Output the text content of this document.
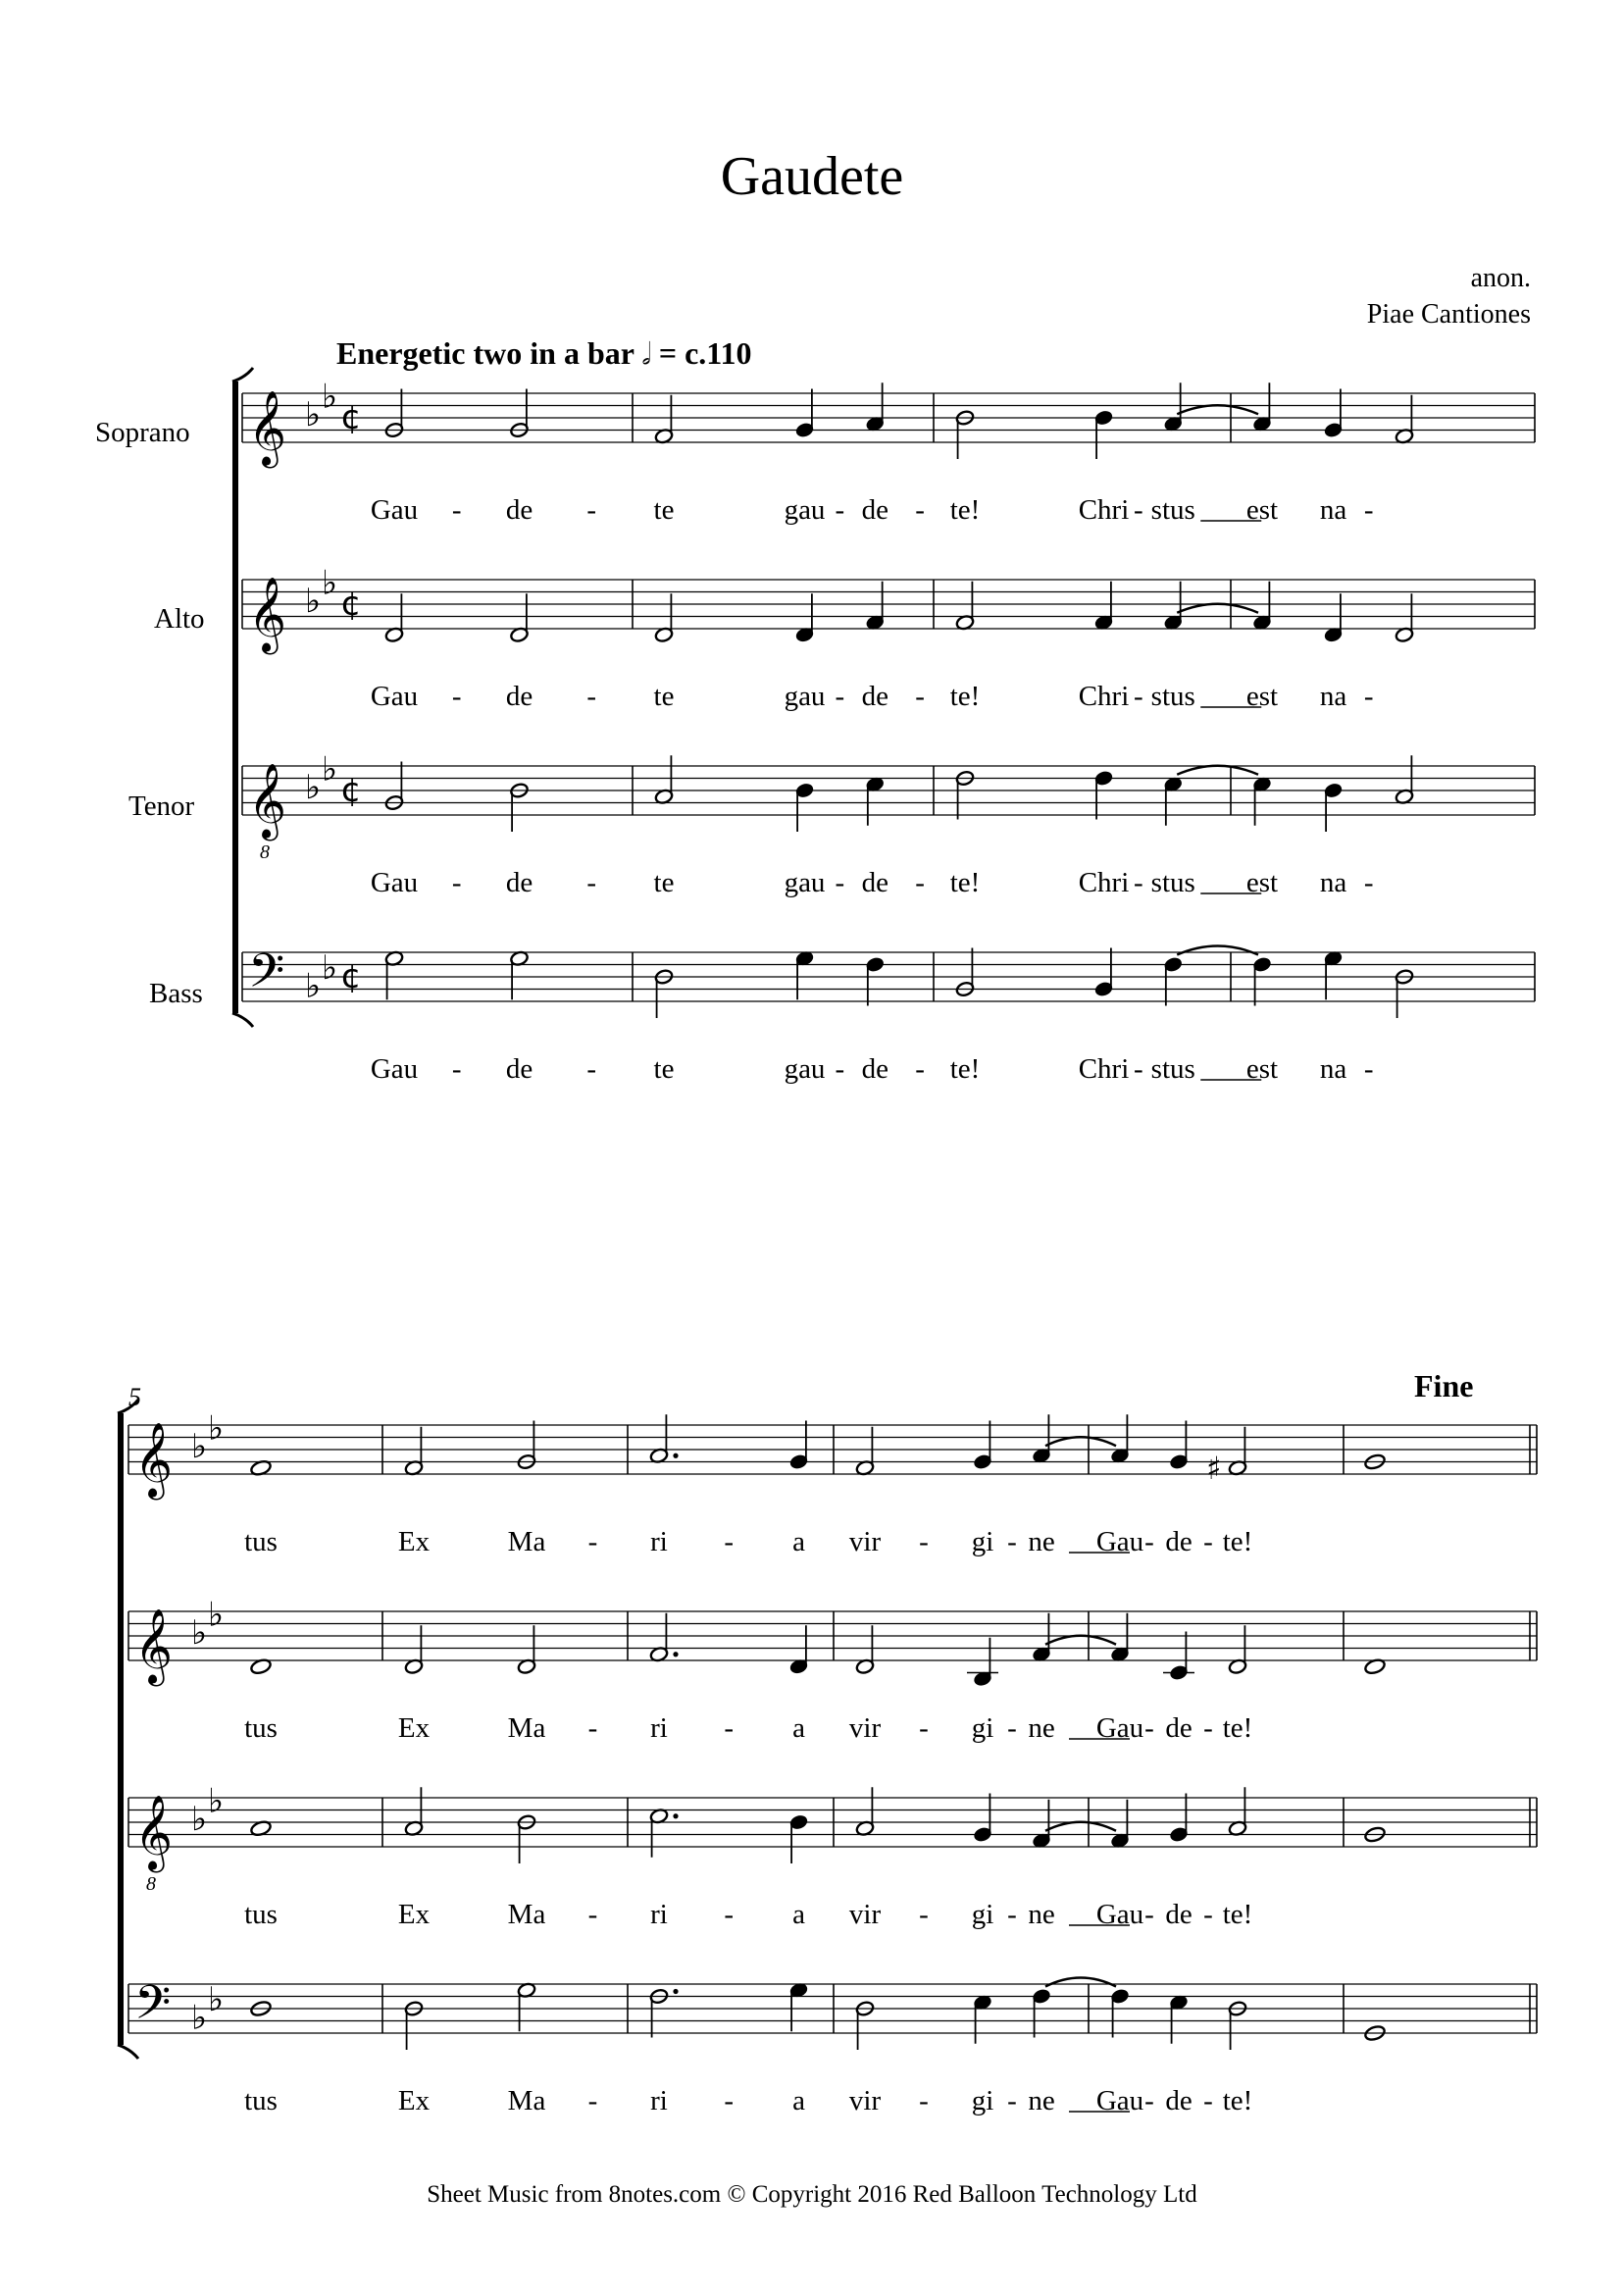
Gaudete
anon.
Piae Cantiones
Energetic two in a bar 𝅗𝅥 = c.110
Fine
5
Soprano
Alto
Tenor
Bass
𝄞 ♭ ♭
¢
Gau - de - te	gau - de - te!	Chri - stus est na -
𝄞 ♭ ♭
¢
Gau - de - te	gau - de - te!	Chri - stus est na -
𝄞
8
♭ ♭
¢
Gau - de - te	gau - de - te!	Chri - stus est na -
𝄢 ♭ ♭ ¢
Gau - de - te	gau - de - te!	Chri - stus est na -
𝄞 ♭ ♭
♯
tus	Ex	Ma - ri - a vir - gi - ne Gau - de - te!
𝄞 ♭ ♭
tus	Ex	Ma - ri - a vir - gi - ne Gau - de - te!
𝄞
8
♭ ♭
tus	Ex	Ma - ri - a vir - gi - ne Gau - de - te!
𝄢 ♭ ♭
tus	Ex	Ma - ri - a vir - gi - ne Gau - de - te!
Sheet Music from 8notes.com © Copyright 2016 Red Balloon Technology Ltd
